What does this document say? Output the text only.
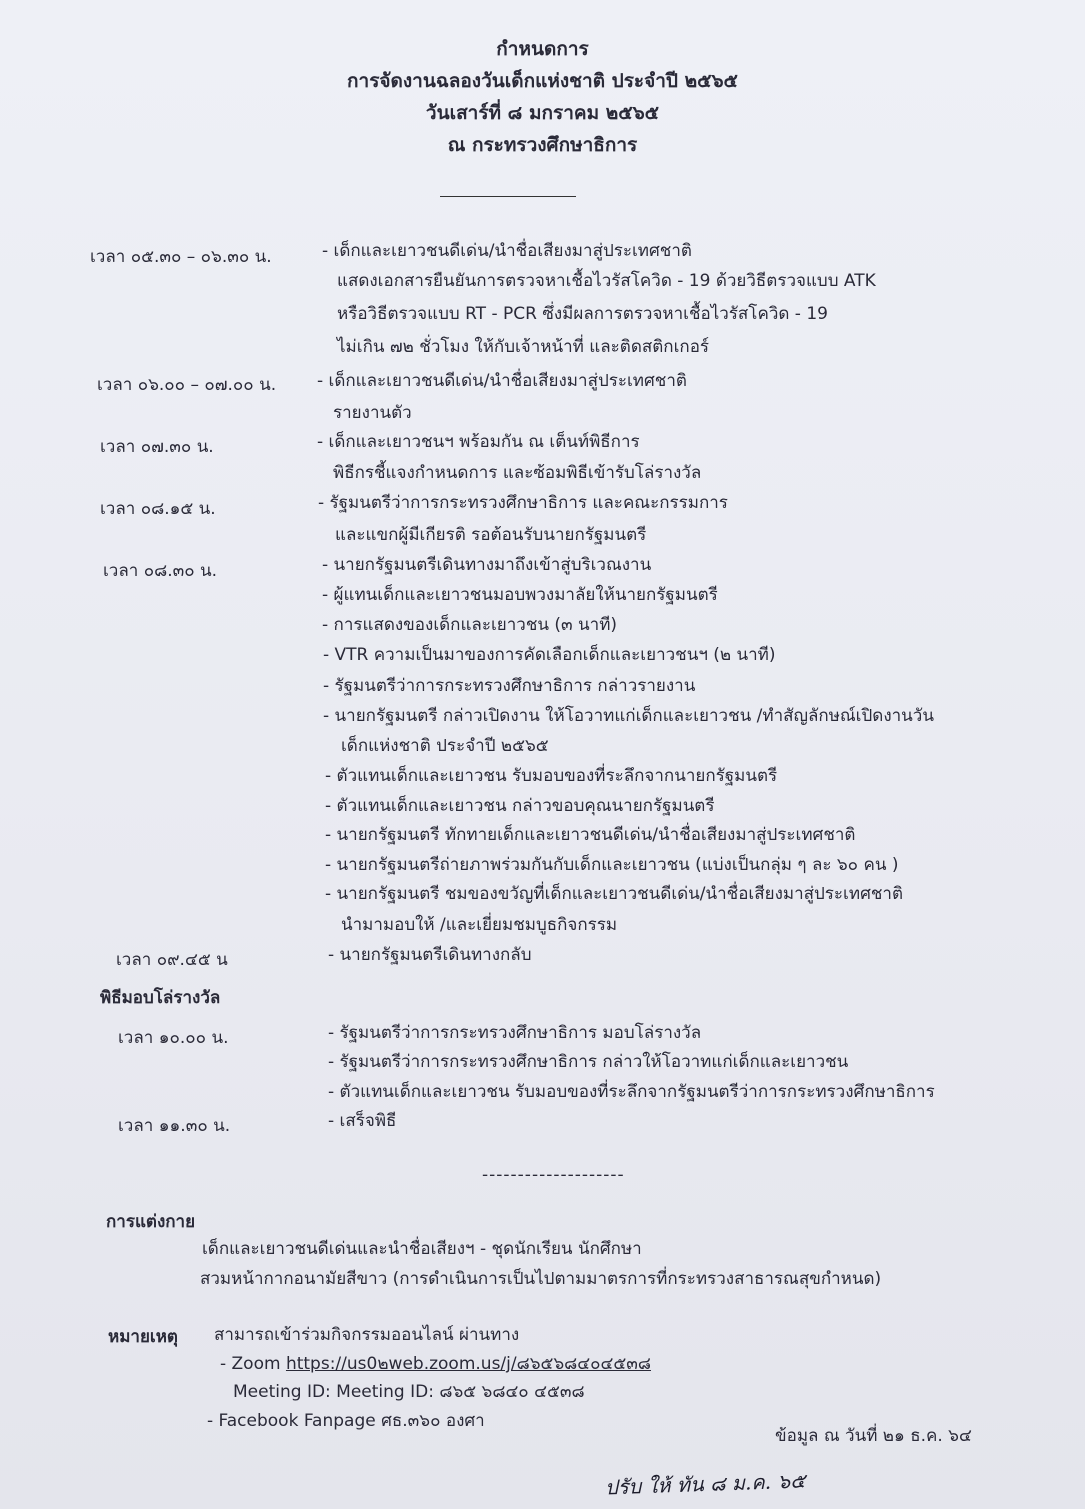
กำหนดการ
การจัดงานฉลองวันเด็กแห่งชาติ ประจำปี ๒๕๖๕
วันเสาร์ที่ ๘ มกราคม ๒๕๖๕
ณ กระทรวงศึกษาธิการ
เวลา ๐๕.๓๐ – ๐๖.๓๐ น.	- เด็กและเยาวชนดีเด่น/นำชื่อเสียงมาสู่ประเทศชาติ
แสดงเอกสารยืนยันการตรวจหาเชื้อไวรัสโควิด - 19 ด้วยวิธีตรวจแบบ ATK
หรือวิธีตรวจแบบ RT - PCR ซึ่งมีผลการตรวจหาเชื้อไวรัสโควิด - 19
ไม่เกิน ๗๒ ชั่วโมง ให้กับเจ้าหน้าที่ และติดสติกเกอร์
เวลา ๐๖.๐๐ – ๐๗.๐๐ น. - เด็กและเยาวชนดีเด่น/นำชื่อเสียงมาสู่ประเทศชาติ
รายงานตัว
เวลา ๐๗.๓๐ น.	- เด็กและเยาวชนฯ พร้อมกัน ณ เต็นท์พิธีการ
พิธีกรชี้แจงกำหนดการ และซ้อมพิธีเข้ารับโล่รางวัล
เวลา ๐๘.๑๕ น.	- รัฐมนตรีว่าการกระทรวงศึกษาธิการ และคณะกรรมการ
และแขกผู้มีเกียรติ รอต้อนรับนายกรัฐมนตรี
เวลา ๐๘.๓๐ น.	- นายกรัฐมนตรีเดินทางมาถึงเข้าสู่บริเวณงาน
- ผู้แทนเด็กและเยาวชนมอบพวงมาลัยให้นายกรัฐมนตรี
- การแสดงของเด็กและเยาวชน (๓ นาที)
- VTR ความเป็นมาของการคัดเลือกเด็กและเยาวชนฯ (๒ นาที)
- รัฐมนตรีว่าการกระทรวงศึกษาธิการ กล่าวรายงาน
- นายกรัฐมนตรี กล่าวเปิดงาน ให้โอวาทแก่เด็กและเยาวชน /ทำสัญลักษณ์เปิดงานวัน
เด็กแห่งชาติ ประจำปี ๒๕๖๕
- ตัวแทนเด็กและเยาวชน รับมอบของที่ระลึกจากนายกรัฐมนตรี
- ตัวแทนเด็กและเยาวชน กล่าวขอบคุณนายกรัฐมนตรี
- นายกรัฐมนตรี ทักทายเด็กและเยาวชนดีเด่น/นำชื่อเสียงมาสู่ประเทศชาติ
- นายกรัฐมนตรีถ่ายภาพร่วมกันกับเด็กและเยาวชน (แบ่งเป็นกลุ่ม ๆ ละ ๖๐ คน )
- นายกรัฐมนตรี ชมของขวัญที่เด็กและเยาวชนดีเด่น/นำชื่อเสียงมาสู่ประเทศชาติ
นำมามอบให้ /และเยี่ยมชมบูธกิจกรรม
เวลา ๐๙.๔๕ น	- นายกรัฐมนตรีเดินทางกลับ
พิธีมอบโล่รางวัล
เวลา ๑๐.๐๐ น.	- รัฐมนตรีว่าการกระทรวงศึกษาธิการ มอบโล่รางวัล
- รัฐมนตรีว่าการกระทรวงศึกษาธิการ กล่าวให้โอวาทแก่เด็กและเยาวชน
- ตัวแทนเด็กและเยาวชน รับมอบของที่ระลึกจากรัฐมนตรีว่าการกระทรวงศึกษาธิการ
เวลา ๑๑.๓๐ น.	- เสร็จพิธี
--------------------
การแต่งกาย
เด็กและเยาวชนดีเด่นและนำชื่อเสียงฯ - ชุดนักเรียน นักศึกษา
สวมหน้ากากอนามัยสีขาว (การดำเนินการเป็นไปตามมาตรการที่กระทรวงสาธารณสุขกำหนด)
หมายเหตุ สามารถเข้าร่วมกิจกรรมออนไลน์ ผ่านทาง
- Zoom https://us0๒web.zoom.us/j/๘๖๕๖๘๔๐๔๕๓๘
Meeting ID: Meeting ID: ๘๖๕ ๖๘๔๐ ๔๕๓๘
- Facebook Fanpage ศธ.๓๖๐ องศา
ข้อมูล ณ วันที่ ๒๑ ธ.ค. ๖๔
ปรับ ให้ ทัน ๘ ม.ค. ๖๕
